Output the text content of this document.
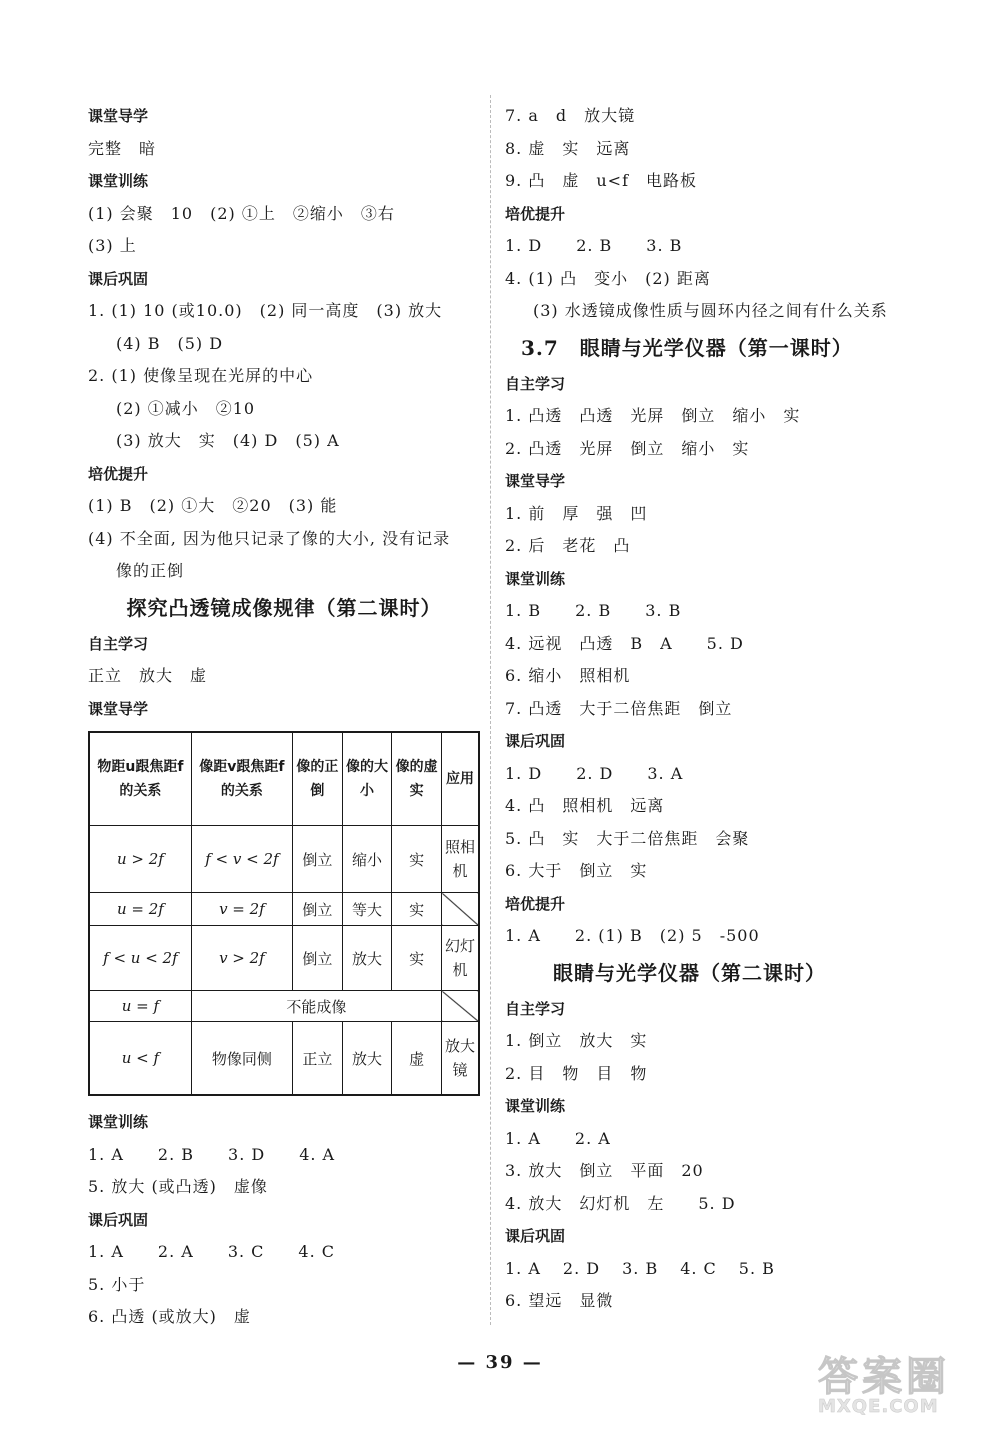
课堂导学
完整　暗
课堂训练
(1) 会聚　10　(2) ①上　②缩小　③右
(3) 上
课后巩固
1. (1) 10 (或10.0)　(2) 同一高度　(3) 放大
(4) B　(5) D
2. (1) 使像呈现在光屏的中心
(2) ①减小　②10
(3) 放大　实　(4) D　(5) A
培优提升
(1) B　(2) ①大　②20　(3) 能
(4) 不全面, 因为他只记录了像的大小, 没有记录
像的正倒
探究凸透镜成像规律（第二课时）
自主学习
正立　放大　虚
课堂导学
物距u跟焦距f的关系	像距v跟焦距f的关系	像的正倒	像的大小	像的虚实	应用
u > 2f	f < v < 2f	倒立	缩小	实	照相机
u = 2f	v = 2f	倒立	等大	实	
f < u < 2f	v > 2f	倒立	放大	实	幻灯机
u = f	不能成像				
u < f	物像同侧	正立	放大	虚	放大镜
课堂训练
1. A 2. B 3. D 4. A
5. 放大 (或凸透)　虚像
课后巩固
1. A 2. A 3. C 4. C
5. 小于
6. 凸透 (或放大)　虚
7. a　d　放大镜
8. 虚　实　远离
9. 凸　虚　u<f　电路板
培优提升
1. D 2. B 3. B
4. (1) 凸　变小　(2) 距离
(3) 水透镜成像性质与圆环内径之间有什么关系
3.7　眼睛与光学仪器（第一课时）
自主学习
1. 凸透　凸透　光屏　倒立　缩小　实
2. 凸透　光屏　倒立　缩小　实
课堂导学
1. 前　厚　强　凹
2. 后　老花　凸
课堂训练
1. B 2. B 3. B
4. 远视　凸透　B　A　　5. D
6. 缩小　照相机
7. 凸透　大于二倍焦距　倒立
课后巩固
1. D 2. D 3. A
4. 凸　照相机　远离
5. 凸　实　大于二倍焦距　会聚
6. 大于　倒立　实
培优提升
1. A　　2. (1) B　(2) 5　-500
眼睛与光学仪器（第二课时）
自主学习
1. 倒立　放大　实
2. 目　物　目　物
课堂训练
1. A 2. A
3. 放大　倒立　平面　20
4. 放大　幻灯机　左　　5. D
课后巩固
1. A 2. D 3. B 4. C 5. B
6. 望远　显微
— 39 —	答案圈
MXQE.COM
